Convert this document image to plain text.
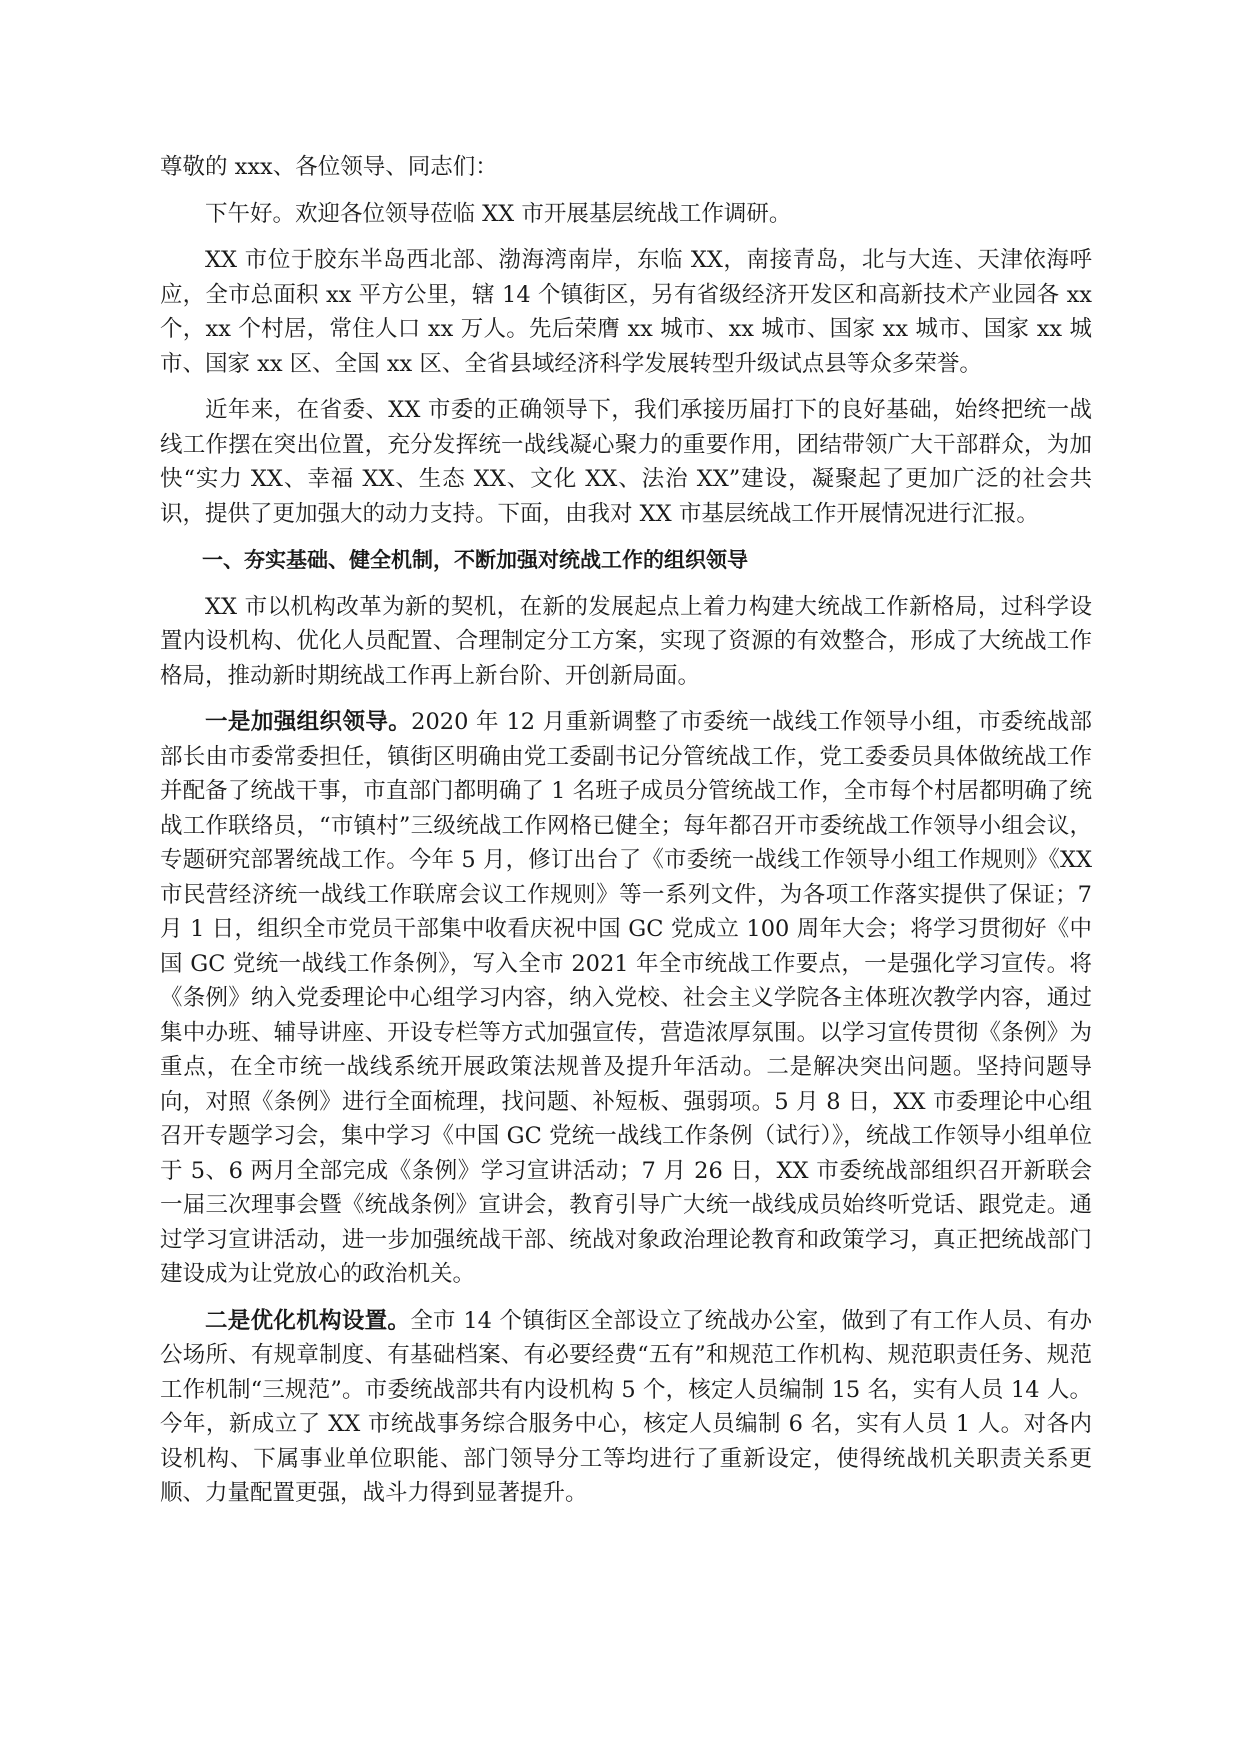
尊敬的 xxx、各位领导、同志们：

下午好。欢迎各位领导莅临 XX 市开展基层统战工作调研。

XX 市位于胶东半岛西北部、渤海湾南岸，东临 XX，南接青岛，北与大连、天津依海呼应，全市总面积 xx 平方公里，辖 14 个镇街区，另有省级经济开发区和高新技术产业园各 xx 个，xx 个村居，常住人口 xx 万人。先后荣膺 xx 城市、xx 城市、国家 xx 城市、国家 xx 城市、国家 xx 区、全国 xx 区、全省县域经济科学发展转型升级试点县等众多荣誉。

近年来，在省委、XX 市委的正确领导下，我们承接历届打下的良好基础，始终把统一战线工作摆在突出位置，充分发挥统一战线凝心聚力的重要作用，团结带领广大干部群众，为加快“实力 XX、幸福 XX、生态 XX、文化 XX、法治 XX”建设，凝聚起了更加广泛的社会共识，提供了更加强大的动力支持。下面，由我对 XX 市基层统战工作开展情况进行汇报。

一、夯实基础、健全机制，不断加强对统战工作的组织领导

XX 市以机构改革为新的契机，在新的发展起点上着力构建大统战工作新格局，过科学设置内设机构、优化人员配置、合理制定分工方案，实现了资源的有效整合，形成了大统战工作格局，推动新时期统战工作再上新台阶、开创新局面。

一是加强组织领导。2020 年 12 月重新调整了市委统一战线工作领导小组，市委统战部部长由市委常委担任，镇街区明确由党工委副书记分管统战工作，党工委委员具体做统战工作并配备了统战干事，市直部门都明确了 1 名班子成员分管统战工作，全市每个村居都明确了统战工作联络员，“市镇村”三级统战工作网格已健全；每年都召开市委统战工作领导小组会议，专题研究部署统战工作。今年 5 月，修订出台了《市委统一战线工作领导小组工作规则》《XX 市民营经济统一战线工作联席会议工作规则》等一系列文件，为各项工作落实提供了保证；7 月 1 日，组织全市党员干部集中收看庆祝中国 GC 党成立 100 周年大会；将学习贯彻好《中国 GC 党统一战线工作条例》，写入全市 2021 年全市统战工作要点，一是强化学习宣传。将《条例》纳入党委理论中心组学习内容，纳入党校、社会主义学院各主体班次教学内容，通过集中办班、辅导讲座、开设专栏等方式加强宣传，营造浓厚氛围。以学习宣传贯彻《条例》为重点，在全市统一战线系统开展政策法规普及提升年活动。二是解决突出问题。坚持问题导向，对照《条例》进行全面梳理，找问题、补短板、强弱项。5 月 8 日，XX 市委理论中心组召开专题学习会，集中学习《中国 GC 党统一战线工作条例（试行）》，统战工作领导小组单位于 5、6 两月全部完成《条例》学习宣讲活动；7 月 26 日，XX 市委统战部组织召开新联会一届三次理事会暨《统战条例》宣讲会，教育引导广大统一战线成员始终听党话、跟党走。通过学习宣讲活动，进一步加强统战干部、统战对象政治理论教育和政策学习，真正把统战部门建设成为让党放心的政治机关。

二是优化机构设置。全市 14 个镇街区全部设立了统战办公室，做到了有工作人员、有办公场所、有规章制度、有基础档案、有必要经费“五有”和规范工作机构、规范职责任务、规范工作机制“三规范”。市委统战部共有内设机构 5 个，核定人员编制 15 名，实有人员 14 人。今年，新成立了 XX 市统战事务综合服务中心，核定人员编制 6 名，实有人员 1 人。对各内设机构、下属事业单位职能、部门领导分工等均进行了重新设定，使得统战机关职责关系更顺、力量配置更强，战斗力得到显著提升。
